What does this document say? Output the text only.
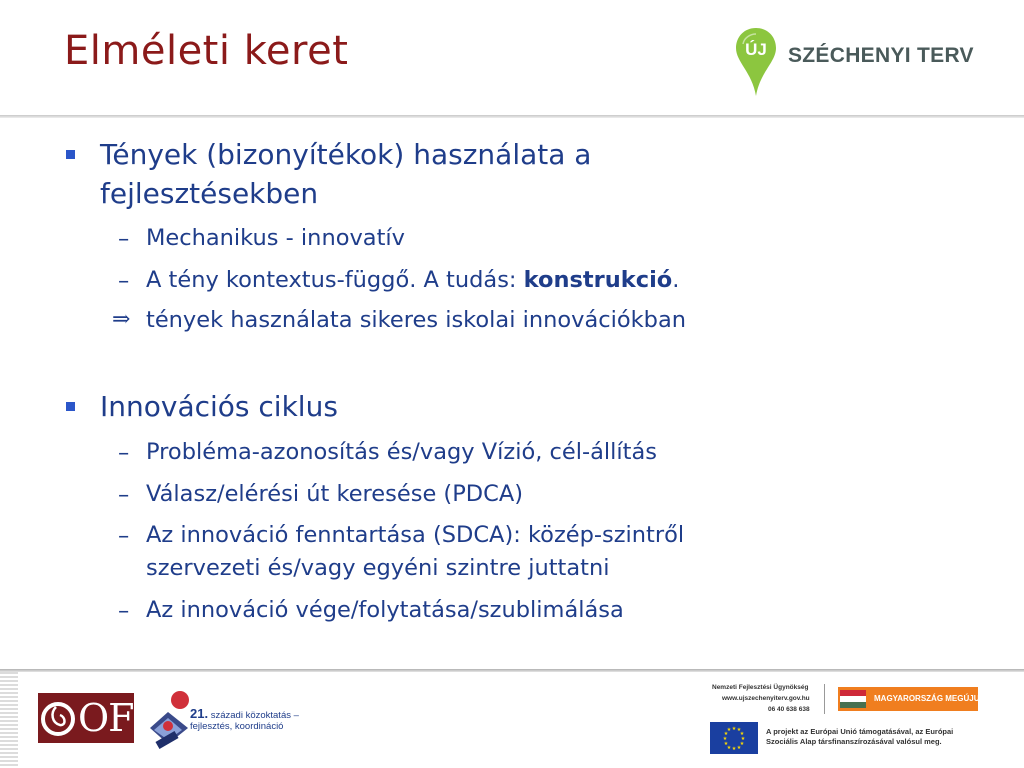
Elméleti keret	ÚJ SZÉCHENYI TERV
Tények (bizonyítékok) használata a
fejlesztésekben
– Mechanikus - innovatív
– A tény kontextus-függő. A tudás: konstrukció.
⇒ tények használata sikeres iskolai innovációkban
Innovációs ciklus
– Probléma-azonosítás és/vagy Vízió, cél-állítás
– Válasz/elérési út keresése (PDCA)
– Az innováció fenntartása (SDCA): közép-szintről
szervezeti és/vagy egyéni szintre juttatni
– Az innováció vége/folytatása/szublimálása
OFI	21. századi közoktatás –
fejlesztés, koordináció
Nemzeti Fejlesztési Ügynökség
www.ujszechenyiterv.gov.hu
06 40 638 638
MAGYARORSZÁG MEGÚJUL
★ ★
★
★
★
★
★
★
★
★
★
★	A projekt az Európai Unió támogatásával, az Európai
Szociális Alap társfinanszírozásával valósul meg.
